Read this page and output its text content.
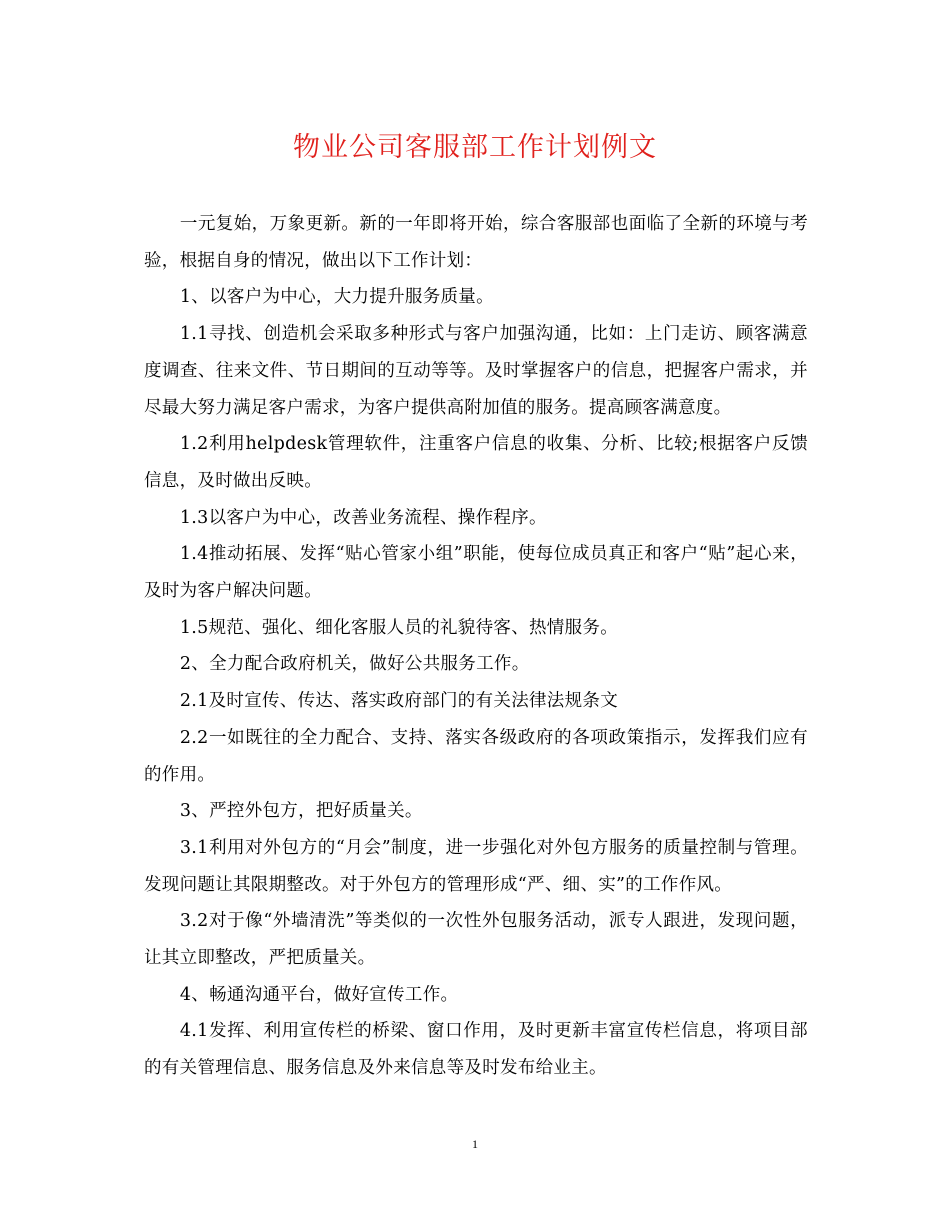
物业公司客服部工作计划例文

一元复始，万象更新。新的一年即将开始，综合客服部也面临了全新的环境与考验，根据自身的情况，做出以下工作计划：

1、以客户为中心，大力提升服务质量。

1.1寻找、创造机会采取多种形式与客户加强沟通，比如：上门走访、顾客满意度调查、往来文件、节日期间的互动等等。及时掌握客户的信息，把握客户需求，并尽最大努力满足客户需求，为客户提供高附加值的服务。提高顾客满意度。

1.2利用helpdesk管理软件，注重客户信息的收集、分析、比较;根据客户反馈信息，及时做出反映。

1.3以客户为中心，改善业务流程、操作程序。

1.4推动拓展、发挥“贴心管家小组”职能，使每位成员真正和客户“贴”起心来，及时为客户解决问题。

1.5规范、强化、细化客服人员的礼貌待客、热情服务。

2、全力配合政府机关，做好公共服务工作。

2.1及时宣传、传达、落实政府部门的有关法律法规条文

2.2一如既往的全力配合、支持、落实各级政府的各项政策指示，发挥我们应有的作用。

3、严控外包方，把好质量关。

3.1利用对外包方的“月会”制度，进一步强化对外包方服务的质量控制与管理。发现问题让其限期整改。对于外包方的管理形成“严、细、实”的工作作风。

3.2对于像“外墙清洗”等类似的一次性外包服务活动，派专人跟进，发现问题，让其立即整改，严把质量关。

4、畅通沟通平台，做好宣传工作。

4.1发挥、利用宣传栏的桥梁、窗口作用，及时更新丰富宣传栏信息，将项目部的有关管理信息、服务信息及外来信息等及时发布给业主。

1
